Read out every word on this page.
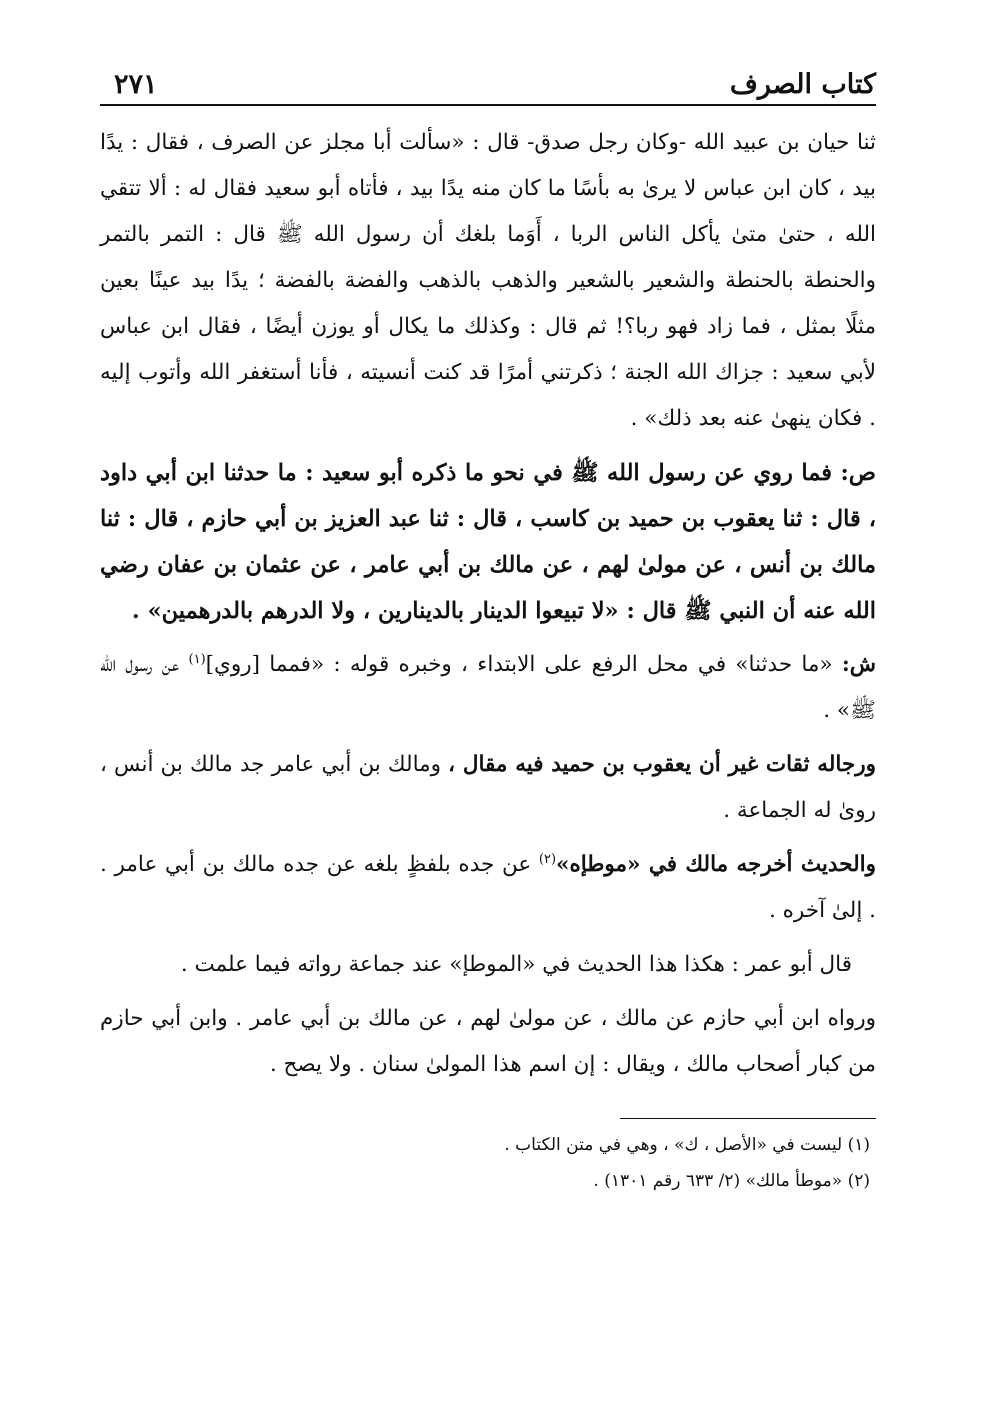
كتاب الصرف
٢٧١

ثنا حيان بن عبيد الله -وكان رجل صدق- قال : «سألت أبا مجلز عن الصرف ، فقال : يدًا بيد ، كان ابن عباس لا يرىٰ به بأسًا ما كان منه يدًا بيد ، فأتاه أبو سعيد فقال له : ألا تتقي الله ، حتىٰ متىٰ يأكل الناس الربا ، أَوَما بلغك أن رسول الله ﷺ قال : التمر بالتمر والحنطة بالحنطة والشعير بالشعير والذهب بالذهب والفضة بالفضة ؛ يدًا بيد عينًا بعين مثلًا بمثل ، فما زاد فهو ربا؟! ثم قال : وكذلك ما يكال أو يوزن أيضًا ، فقال ابن عباس لأبي سعيد : جزاك الله الجنة ؛ ذكرتني أمرًا قد كنت أنسيته ، فأنا أستغفر الله وأتوب إليه . فكان ينهىٰ عنه بعد ذلك» .

ص: فما روي عن رسول الله ﷺ في نحو ما ذكره أبو سعيد : ما حدثنا ابن أبي داود ، قال : ثنا يعقوب بن حميد بن كاسب ، قال : ثنا عبد العزيز بن أبي حازم ، قال : ثنا مالك بن أنس ، عن مولىٰ لهم ، عن مالك بن أبي عامر ، عن عثمان بن عفان رضي الله عنه أن النبي ﷺ قال : «لا تبيعوا الدينار بالدينارين ، ولا الدرهم بالدرهمين» .

ش: «ما حدثنا» في محل الرفع على الابتداء ، وخبره قوله : «فمما [روي]$^{(١)}$ عن رسول الله ﷺ» .

ورجاله ثقات غير أن يعقوب بن حميد فيه مقال ، ومالك بن أبي عامر جد مالك بن أنس ، روىٰ له الجماعة .

والحديث أخرجه مالك في «موطإه»$^{(٢)}$ عن جده بلفظٍ بلغه عن جده مالك بن أبي عامر . . إلىٰ آخره .

قال أبو عمر : هكذا هذا الحديث في «الموطإ» عند جماعة رواته فيما علمت .

ورواه ابن أبي حازم عن مالك ، عن مولىٰ لهم ، عن مالك بن أبي عامر . وابن أبي حازم من كبار أصحاب مالك ، ويقال : إن اسم هذا المولىٰ سنان . ولا يصح .

(١) ليست في «الأصل ، ك» ، وهي في متن الكتاب .

(٢) «موطأ مالك» (٢/ ٦٣٣ رقم ١٣٠١) .
